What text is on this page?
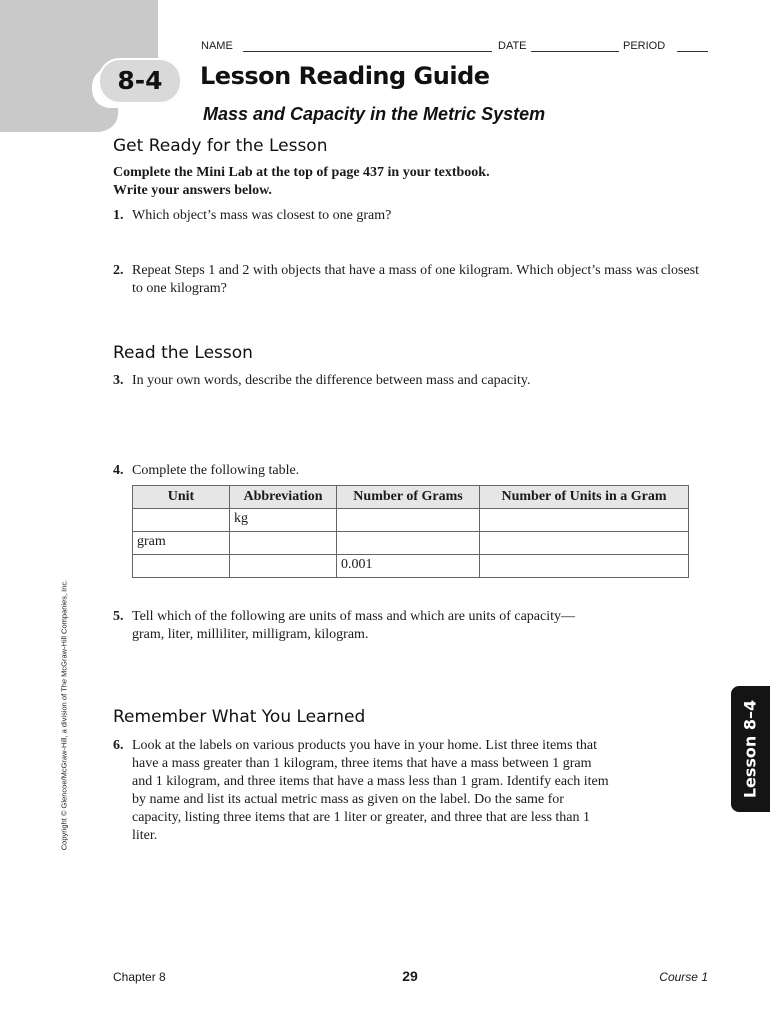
NAME	DATE	PERIOD
8-4	Lesson Reading Guide
Mass and Capacity in the Metric System
Get Ready for the Lesson
Complete the Mini Lab at the top of page 437 in your textbook.
Write your answers below.
1. Which object’s mass was closest to one gram?
2. Repeat Steps 1 and 2 with objects that have a mass of one kilogram. Which object’s mass was closest to one kilogram?
Read the Lesson
3. In your own words, describe the difference between mass and capacity.
4. Complete the following table.
Unit	Abbreviation	Number of Grams	Number of Units in a Gram
	kg		
gram			
		0.001	
5. Tell which of the following are units of mass and which are units of capacity—gram, liter, milliliter, milligram, kilogram.
Remember What You Learned
6. Look at the labels on various products you have in your home. List three items that have a mass greater than 1 kilogram, three items that have a mass between 1 gram and 1 kilogram, and three items that have a mass less than 1 gram. Identify each item by name and list its actual metric mass as given on the label. Do the same for capacity, listing three items that are 1 liter or greater, and three that are less than 1 liter.
Copyright © Glencoe/McGraw-Hill, a division of The McGraw-Hill Companies, Inc.	Lesson 8–4
Chapter 8	29	Course 1
